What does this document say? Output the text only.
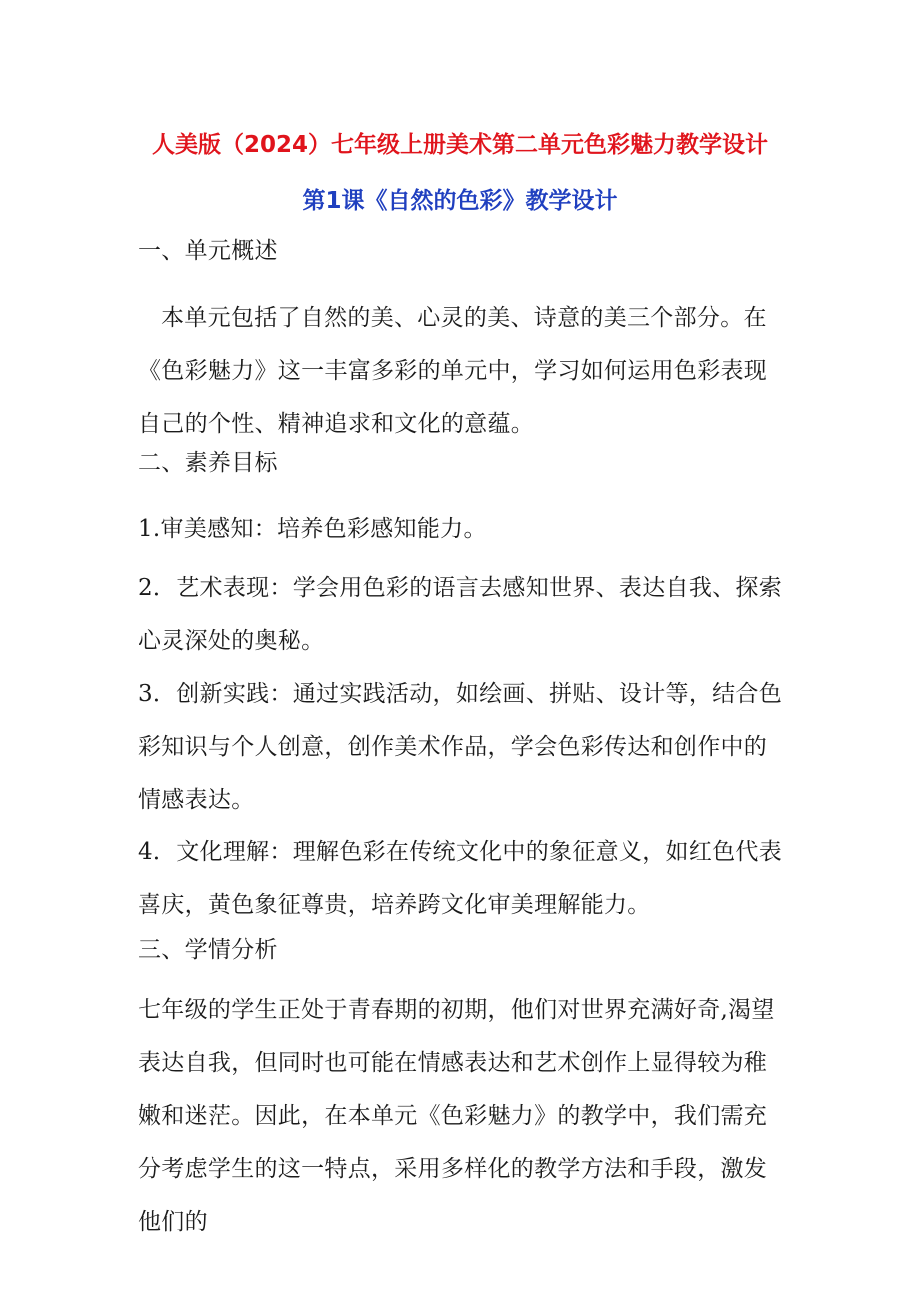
人美版（2024）七年级上册美术第二单元色彩魅力教学设计
第1课《自然的色彩》教学设计
一、单元概述

本单元包括了自然的美、心灵的美、诗意的美三个部分。在《色彩魅力》这一丰富多彩的单元中，学习如何运用色彩表现自己的个性、精神追求和文化的意蕴。

二、素养目标

1.审美感知：培养色彩感知能力。

2．艺术表现：学会用色彩的语言去感知世界、表达自我、探索心灵深处的奥秘。

3．创新实践：通过实践活动，如绘画、拼贴、设计等，结合色彩知识与个人创意，创作美术作品，学会色彩传达和创作中的情感表达。

4．文化理解：理解色彩在传统文化中的象征意义，如红色代表喜庆，黄色象征尊贵，培养跨文化审美理解能力。

三、学情分析

七年级的学生正处于青春期的初期，他们对世界充满好奇,渴望表达自我，但同时也可能在情感表达和艺术创作上显得较为稚嫩和迷茫。因此，在本单元《色彩魅力》的教学中，我们需充分考虑学生的这一特点，采用多样化的教学方法和手段，激发他们的
